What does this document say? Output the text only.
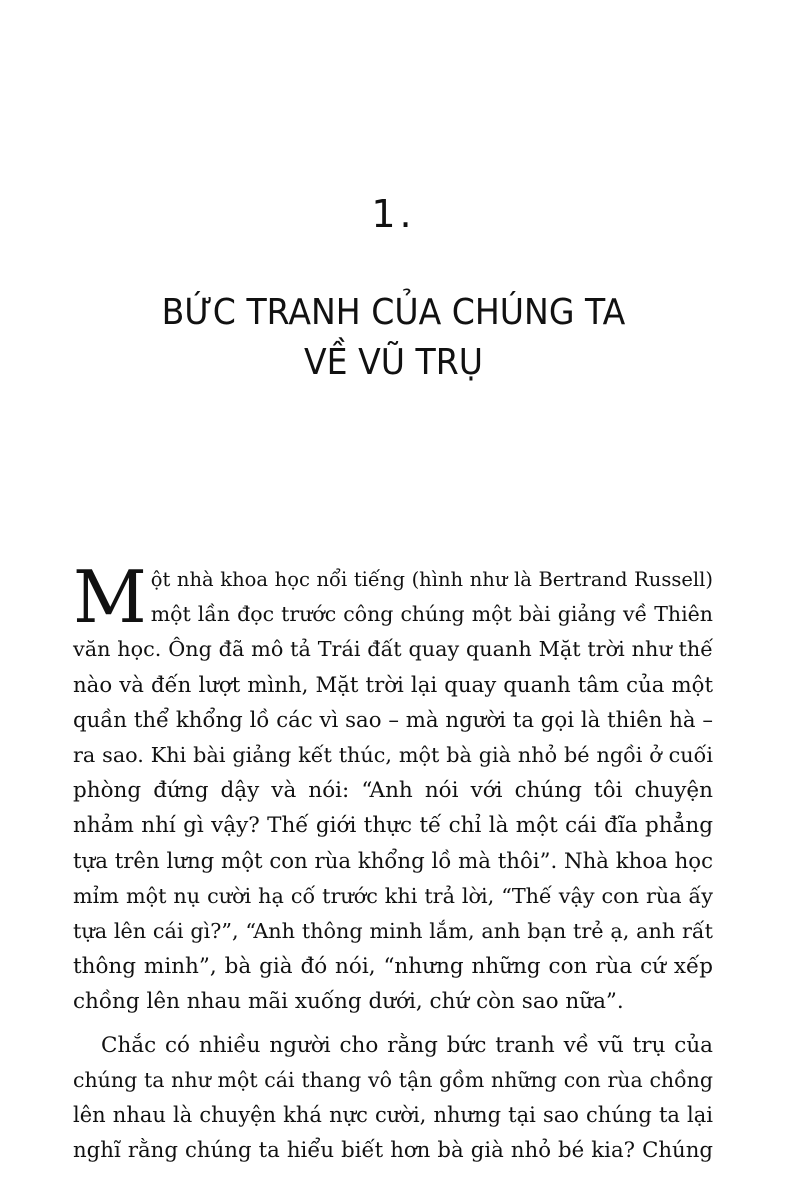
1.
BỨC TRANH CỦA CHÚNG TA
VỀ VŨ TRỤ
M ột nhà khoa học nổi tiếng (hình như là Bertrand Russell)
một lần đọc trước công chúng một bài giảng về Thiên
văn học. Ông đã mô tả Trái đất quay quanh Mặt trời như thế
nào và đến lượt mình, Mặt trời lại quay quanh tâm của một
quần thể khổng lồ các vì sao – mà người ta gọi là thiên hà –
ra sao. Khi bài giảng kết thúc, một bà già nhỏ bé ngồi ở cuối
phòng đứng dậy và nói: “Anh nói với chúng tôi chuyện
nhảm nhí gì vậy? Thế giới thực tế chỉ là một cái đĩa phẳng
tựa trên lưng một con rùa khổng lồ mà thôi”. Nhà khoa học
mỉm một nụ cười hạ cố trước khi trả lời, “Thế vậy con rùa ấy
tựa lên cái gì?”, “Anh thông minh lắm, anh bạn trẻ ạ, anh rất
thông minh”, bà già đó nói, “nhưng những con rùa cứ xếp
chồng lên nhau mãi xuống dưới, chứ còn sao nữa”.
Chắc có nhiều người cho rằng bức tranh về vũ trụ của
chúng ta như một cái thang vô tận gồm những con rùa chồng
lên nhau là chuyện khá nực cười, nhưng tại sao chúng ta lại
nghĩ rằng chúng ta hiểu biết hơn bà già nhỏ bé kia? Chúng
